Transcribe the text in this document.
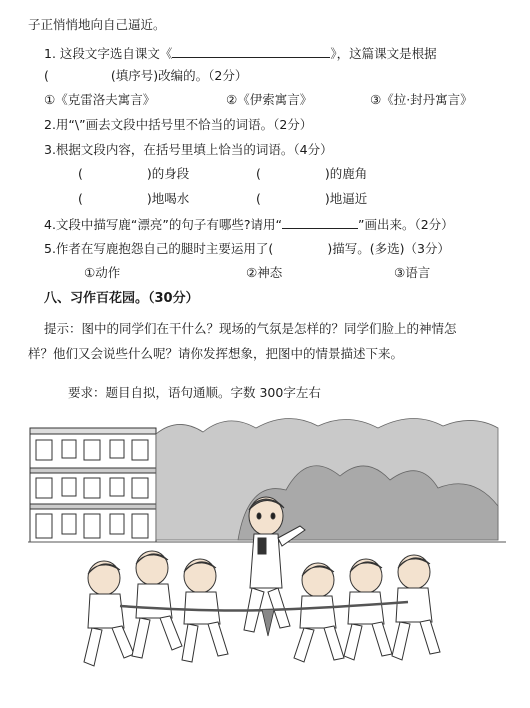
子正悄悄地向自己逼近。
1. 这段文字选自课文《	》，这篇课文是根据
(	(填序号)改编的。（2分）
①《克雷洛夫寓言》	②《伊索寓言》	③《拉·封丹寓言》
2.用“\”画去文段中括号里不恰当的词语。（2分）
3.根据文段内容，在括号里填上恰当的词语。（4分）
(	)的身段	(	)的鹿角
(	)地喝水	(	)地逼近
4.文段中描写鹿“漂亮”的句子有哪些?请用“	”画出来。（2分）
5.作者在写鹿抱怨自己的腿时主要运用了(	)描写。(多选)（3分）
①动作	②神态	③语言
八、习作百花园。（30分）
提示：图中的同学们在干什么？现场的气氛是怎样的？同学们脸上的神情怎
样？他们又会说些什么呢？请你发挥想象，把图中的情景描述下来。
要求：题目自拟，语句通顺。字数 300字左右
